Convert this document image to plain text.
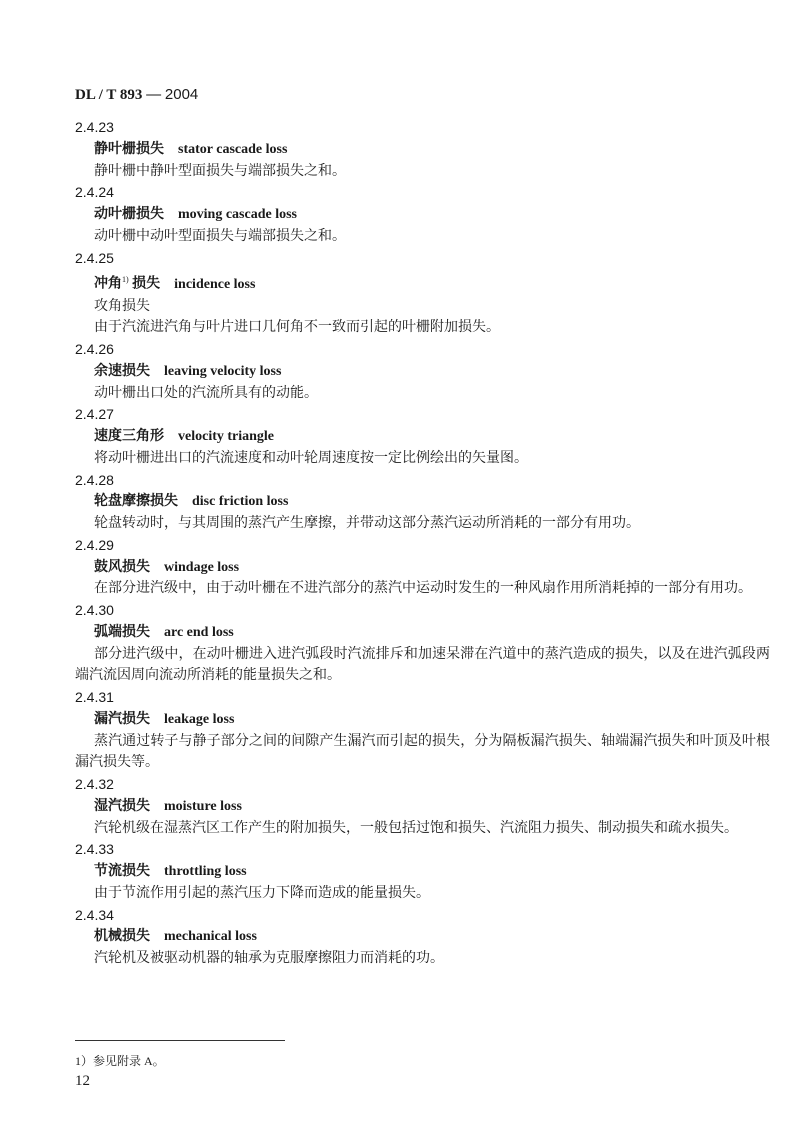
DL / T 893 — 2004
2.4.23
静叶栅损失 stator cascade loss
静叶栅中静叶型面损失与端部损失之和。
2.4.24
动叶栅损失 moving cascade loss
动叶栅中动叶型面损失与端部损失之和。
2.4.25
冲角$^{1)}$ 损失 incidence loss
攻角损失
由于汽流进汽角与叶片进口几何角不一致而引起的叶栅附加损失。
2.4.26
余速损失 leaving velocity loss
动叶栅出口处的汽流所具有的动能。
2.4.27
速度三角形 velocity triangle
将动叶栅进出口的汽流速度和动叶轮周速度按一定比例绘出的矢量图。
2.4.28
轮盘摩擦损失 disc friction loss
轮盘转动时，与其周围的蒸汽产生摩擦，并带动这部分蒸汽运动所消耗的一部分有用功。
2.4.29
鼓风损失 windage loss
在部分进汽级中，由于动叶栅在不进汽部分的蒸汽中运动时发生的一种风扇作用所消耗掉的一部分有用功。
2.4.30
弧端损失 arc end loss
部分进汽级中，在动叶栅进入进汽弧段时汽流排斥和加速呆滞在汽道中的蒸汽造成的损失，以及在进汽弧段两端汽流因周向流动所消耗的能量损失之和。
2.4.31
漏汽损失 leakage loss
蒸汽通过转子与静子部分之间的间隙产生漏汽而引起的损失，分为隔板漏汽损失、轴端漏汽损失和叶顶及叶根漏汽损失等。
2.4.32
湿汽损失 moisture loss
汽轮机级在湿蒸汽区工作产生的附加损失，一般包括过饱和损失、汽流阻力损失、制动损失和疏水损失。
2.4.33
节流损失 throttling loss
由于节流作用引起的蒸汽压力下降而造成的能量损失。
2.4.34
机械损失 mechanical loss
汽轮机及被驱动机器的轴承为克服摩擦阻力而消耗的功。
1）参见附录 A。
12
